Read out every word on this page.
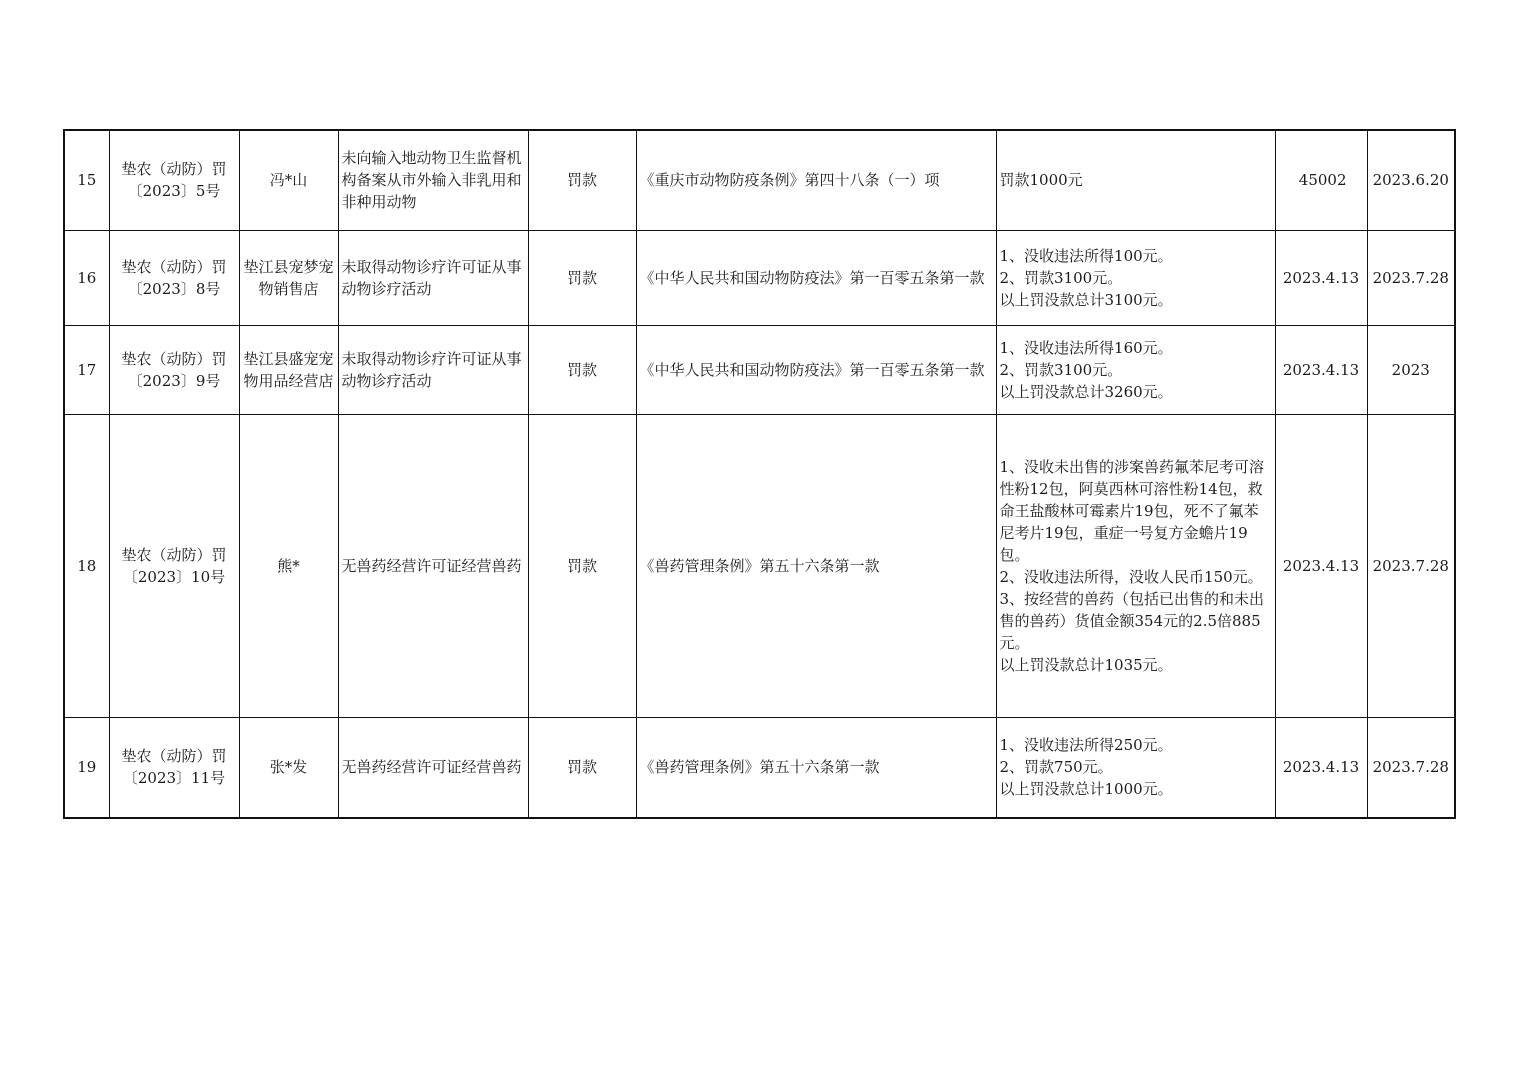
15	垫农（动防）罚〔2023〕5号	冯*山	未向输入地动物卫生监督机构备案从市外输入非乳用和非种用动物	罚款	《重庆市动物防疫条例》第四十八条（一）项	罚款1000元	45002	2023.6.20
16	垫农（动防）罚〔2023〕8号	垫江县宠梦宠物销售店	未取得动物诊疗许可证从事动物诊疗活动	罚款	《中华人民共和国动物防疫法》第一百零五条第一款	1、没收违法所得100元。
2、罚款3100元。
以上罚没款总计3100元。	2023.4.13	2023.7.28
17	垫农（动防）罚〔2023〕9号	垫江县盛宠宠物用品经营店	未取得动物诊疗许可证从事动物诊疗活动	罚款	《中华人民共和国动物防疫法》第一百零五条第一款	1、没收违法所得160元。
2、罚款3100元。
以上罚没款总计3260元。	2023.4.13	2023
18	垫农（动防）罚〔2023〕10号	熊*	无兽药经营许可证经营兽药	罚款	《兽药管理条例》第五十六条第一款	1、没收未出售的涉案兽药氟苯尼考可溶性粉12包，阿莫西林可溶性粉14包，救命王盐酸林可霉素片19包，死不了氟苯尼考片19包，重症一号复方金蟾片19包。
2、没收违法所得，没收人民币150元。
3、按经营的兽药（包括已出售的和未出售的兽药）货值金额354元的2.5倍885元。
以上罚没款总计1035元。	2023.4.13	2023.7.28
19	垫农（动防）罚〔2023〕11号	张*发	无兽药经营许可证经营兽药	罚款	《兽药管理条例》第五十六条第一款	1、没收违法所得250元。
2、罚款750元。
以上罚没款总计1000元。	2023.4.13	2023.7.28
